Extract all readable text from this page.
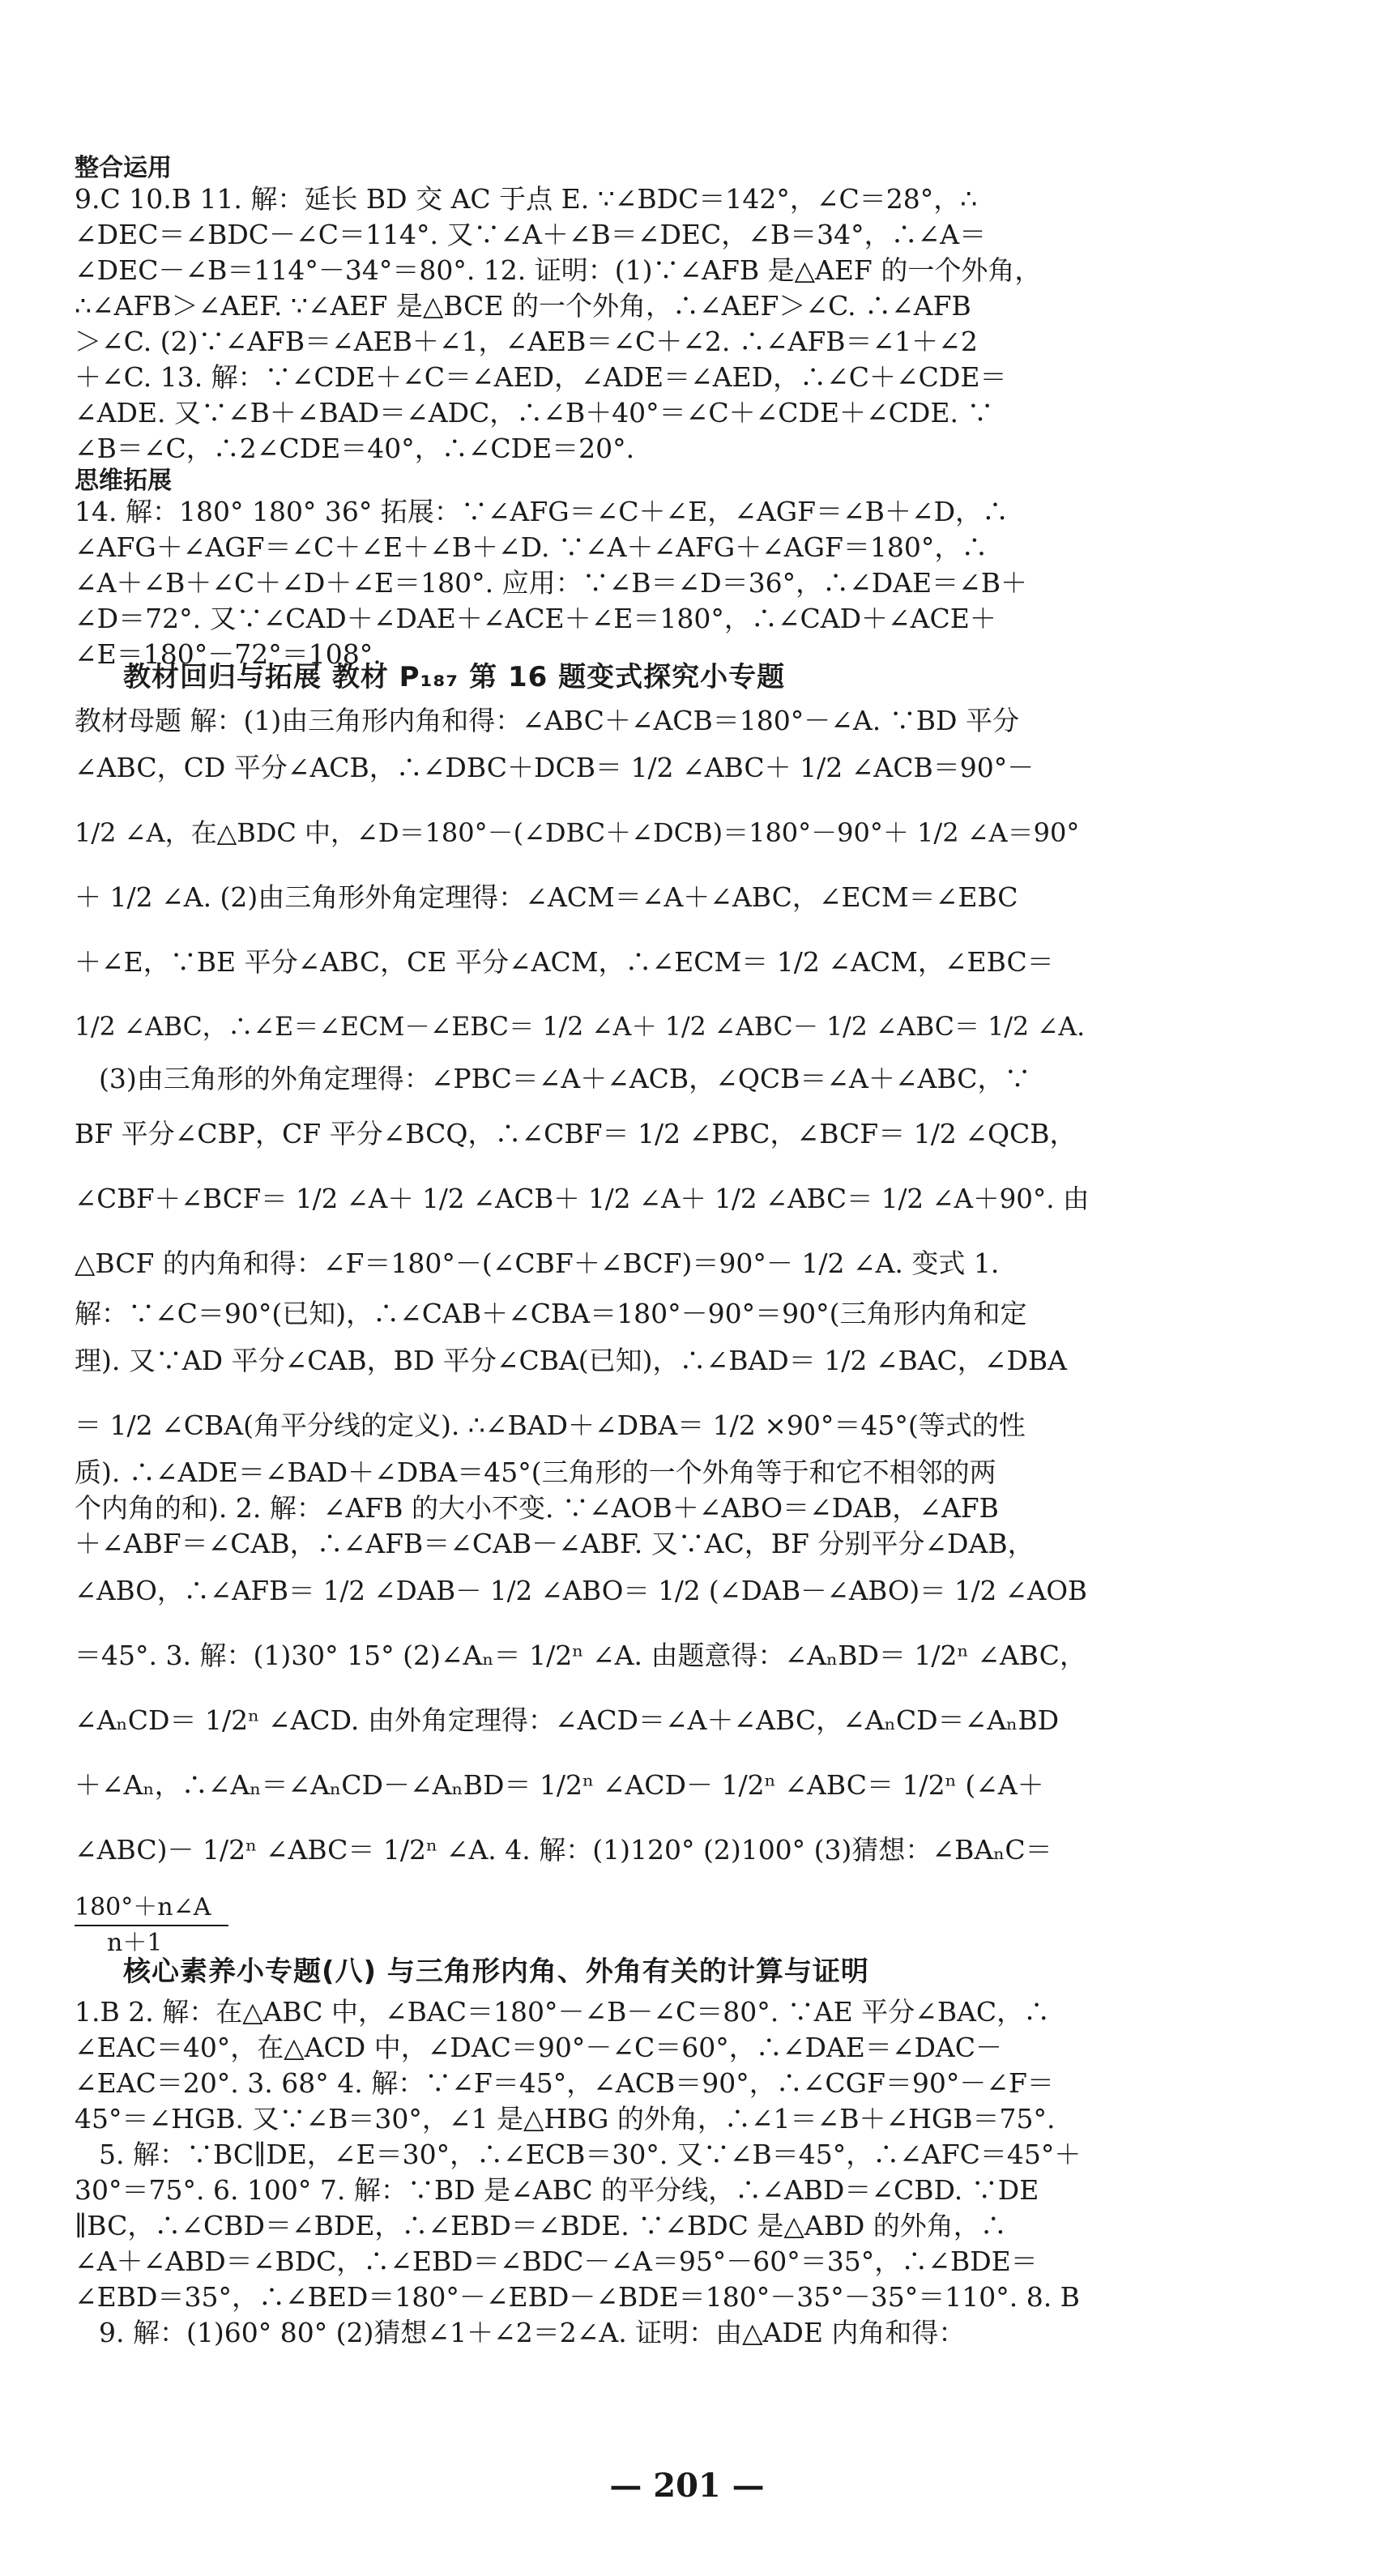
整合运用
9.C 10.B 11. 解：延长 BD 交 AC 于点 E. ∵∠BDC＝142°，∠C＝28°，∴
∠DEC＝∠BDC－∠C＝114°. 又∵∠A＋∠B＝∠DEC，∠B＝34°，∴∠A＝
∠DEC－∠B＝114°－34°＝80°. 12. 证明：(1)∵∠AFB 是△AEF 的一个外角，
∴∠AFB＞∠AEF. ∵∠AEF 是△BCE 的一个外角，∴∠AEF＞∠C. ∴∠AFB
＞∠C. (2)∵∠AFB＝∠AEB＋∠1，∠AEB＝∠C＋∠2. ∴∠AFB＝∠1＋∠2
＋∠C. 13. 解：∵∠CDE＋∠C＝∠AED，∠ADE＝∠AED，∴∠C＋∠CDE＝
∠ADE. 又∵∠B＋∠BAD＝∠ADC，∴∠B＋40°＝∠C＋∠CDE＋∠CDE. ∵
∠B＝∠C，∴2∠CDE＝40°，∴∠CDE＝20°.
思维拓展
14. 解：180° 180° 36° 拓展：∵∠AFG＝∠C＋∠E，∠AGF＝∠B＋∠D，∴
∠AFG＋∠AGF＝∠C＋∠E＋∠B＋∠D. ∵∠A＋∠AFG＋∠AGF＝180°，∴
∠A＋∠B＋∠C＋∠D＋∠E＝180°. 应用：∵∠B＝∠D＝36°，∴∠DAE＝∠B＋
∠D＝72°. 又∵∠CAD＋∠DAE＋∠ACE＋∠E＝180°，∴∠CAD＋∠ACE＋
∠E＝180°－72°＝108°.
教材回归与拓展 教材 P₁₈₇ 第 16 题变式探究小专题
教材母题 解：(1)由三角形内角和得：∠ABC＋∠ACB＝180°－∠A. ∵BD 平分
∠ABC，CD 平分∠ACB，∴∠DBC＋DCB＝ 1/2 ∠ABC＋ 1/2 ∠ACB＝90°－
1/2 ∠A，在△BDC 中，∠D＝180°－(∠DBC＋∠DCB)＝180°－90°＋ 1/2 ∠A＝90°
＋ 1/2 ∠A. (2)由三角形外角定理得：∠ACM＝∠A＋∠ABC，∠ECM＝∠EBC
＋∠E，∵BE 平分∠ABC，CE 平分∠ACM，∴∠ECM＝ 1/2 ∠ACM，∠EBC＝
1/2 ∠ABC，∴∠E＝∠ECM－∠EBC＝ 1/2 ∠A＋ 1/2 ∠ABC－ 1/2 ∠ABC＝ 1/2 ∠A.
(3)由三角形的外角定理得：∠PBC＝∠A＋∠ACB，∠QCB＝∠A＋∠ABC，∵
BF 平分∠CBP，CF 平分∠BCQ，∴∠CBF＝ 1/2 ∠PBC，∠BCF＝ 1/2 ∠QCB，
∠CBF＋∠BCF＝ 1/2 ∠A＋ 1/2 ∠ACB＋ 1/2 ∠A＋ 1/2 ∠ABC＝ 1/2 ∠A＋90°. 由
△BCF 的内角和得：∠F＝180°－(∠CBF＋∠BCF)＝90°－ 1/2 ∠A. 变式 1.
解：∵∠C＝90°(已知)，∴∠CAB＋∠CBA＝180°－90°＝90°(三角形内角和定
理). 又∵AD 平分∠CAB，BD 平分∠CBA(已知)，∴∠BAD＝ 1/2 ∠BAC，∠DBA
＝ 1/2 ∠CBA(角平分线的定义). ∴∠BAD＋∠DBA＝ 1/2 ×90°＝45°(等式的性
质). ∴∠ADE＝∠BAD＋∠DBA＝45°(三角形的一个外角等于和它不相邻的两
个内角的和). 2. 解：∠AFB 的大小不变. ∵∠AOB＋∠ABO＝∠DAB，∠AFB
＋∠ABF＝∠CAB，∴∠AFB＝∠CAB－∠ABF. 又∵AC，BF 分别平分∠DAB，
∠ABO，∴∠AFB＝ 1/2 ∠DAB－ 1/2 ∠ABO＝ 1/2 (∠DAB－∠ABO)＝ 1/2 ∠AOB
＝45°. 3. 解：(1)30° 15° (2)∠Aₙ＝ 1/2ⁿ ∠A. 由题意得：∠AₙBD＝ 1/2ⁿ ∠ABC，
∠AₙCD＝ 1/2ⁿ ∠ACD. 由外角定理得：∠ACD＝∠A＋∠ABC，∠AₙCD＝∠AₙBD
＋∠Aₙ，∴∠Aₙ＝∠AₙCD－∠AₙBD＝ 1/2ⁿ ∠ACD－ 1/2ⁿ ∠ABC＝ 1/2ⁿ (∠A＋
∠ABC)－ 1/2ⁿ ∠ABC＝ 1/2ⁿ ∠A. 4. 解：(1)120° (2)100° (3)猜想：∠BAₙC＝
180°＋n∠A
n＋1
核心素养小专题(八) 与三角形内角、外角有关的计算与证明
1.B 2. 解：在△ABC 中，∠BAC＝180°－∠B－∠C＝80°. ∵AE 平分∠BAC，∴
∠EAC＝40°，在△ACD 中，∠DAC＝90°－∠C＝60°，∴∠DAE＝∠DAC－
∠EAC＝20°. 3. 68° 4. 解：∵∠F＝45°，∠ACB＝90°，∴∠CGF＝90°－∠F＝
45°＝∠HGB. 又∵∠B＝30°，∠1 是△HBG 的外角，∴∠1＝∠B＋∠HGB＝75°.
5. 解：∵BC∥DE，∠E＝30°，∴∠ECB＝30°. 又∵∠B＝45°，∴∠AFC＝45°＋
30°＝75°. 6. 100° 7. 解：∵BD 是∠ABC 的平分线，∴∠ABD＝∠CBD. ∵DE
∥BC，∴∠CBD＝∠BDE，∴∠EBD＝∠BDE. ∵∠BDC 是△ABD 的外角，∴
∠A＋∠ABD＝∠BDC，∴∠EBD＝∠BDC－∠A＝95°－60°＝35°，∴∠BDE＝
∠EBD＝35°，∴∠BED＝180°－∠EBD－∠BDE＝180°－35°－35°＝110°. 8. B
9. 解：(1)60° 80° (2)猜想∠1＋∠2＝2∠A. 证明：由△ADE 内角和得：
— 201 —
